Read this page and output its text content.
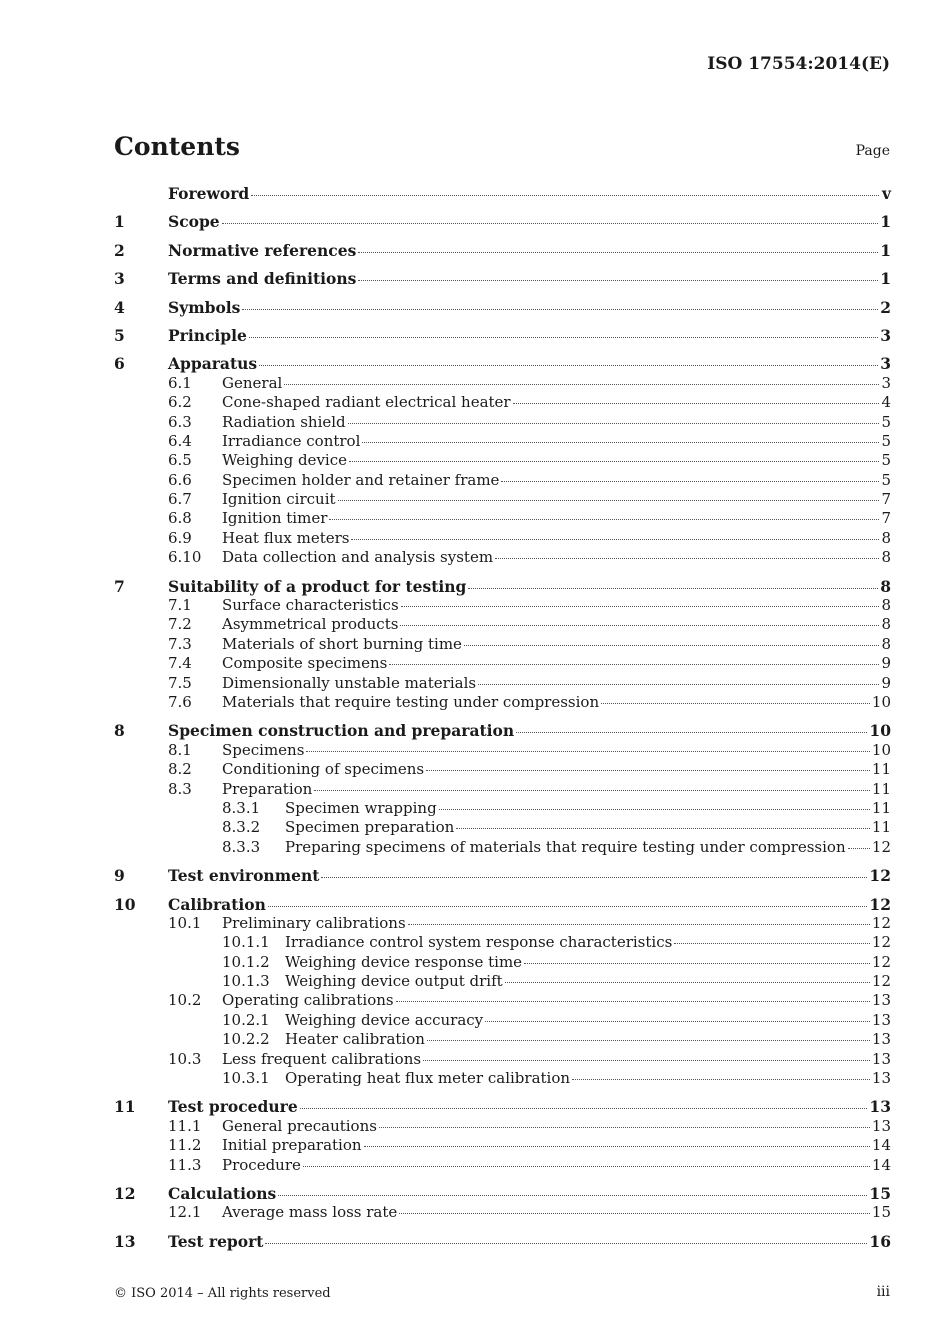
ISO 17554:2014(E)
Contents	Page
Foreword	v
1	Scope	1
2	Normative references	1
3	Terms and definitions	1
4	Symbols	2
5	Principle	3
6	Apparatus	3
6.1	General	3
6.2	Cone-shaped radiant electrical heater	4
6.3	Radiation shield	5
6.4	Irradiance control	5
6.5	Weighing device	5
6.6	Specimen holder and retainer frame	5
6.7	Ignition circuit	7
6.8	Ignition timer	7
6.9	Heat flux meters	8
6.10	Data collection and analysis system	8
7	Suitability of a product for testing	8
7.1	Surface characteristics	8
7.2	Asymmetrical products	8
7.3	Materials of short burning time	8
7.4	Composite specimens	9
7.5	Dimensionally unstable materials	9
7.6	Materials that require testing under compression	10
8	Specimen construction and preparation	10
8.1	Specimens	10
8.2	Conditioning of specimens	11
8.3	Preparation	11
8.3.1	Specimen wrapping	11
8.3.2	Specimen preparation	11
8.3.3	Preparing specimens of materials that require testing under compression 12
9	Test environment	12
10	Calibration	12
10.1	Preliminary calibrations	12
10.1.1	Irradiance control system response characteristics	12
10.1.2	Weighing device response time	12
10.1.3	Weighing device output drift	12
10.2	Operating calibrations	13
10.2.1	Weighing device accuracy	13
10.2.2	Heater calibration	13
10.3	Less frequent calibrations	13
10.3.1	Operating heat flux meter calibration	13
11	Test procedure	13
11.1	General precautions	13
11.2	Initial preparation	14
11.3	Procedure	14
12	Calculations	15
12.1	Average mass loss rate	15
13	Test report	16
© ISO 2014 – All rights reserved	iii
